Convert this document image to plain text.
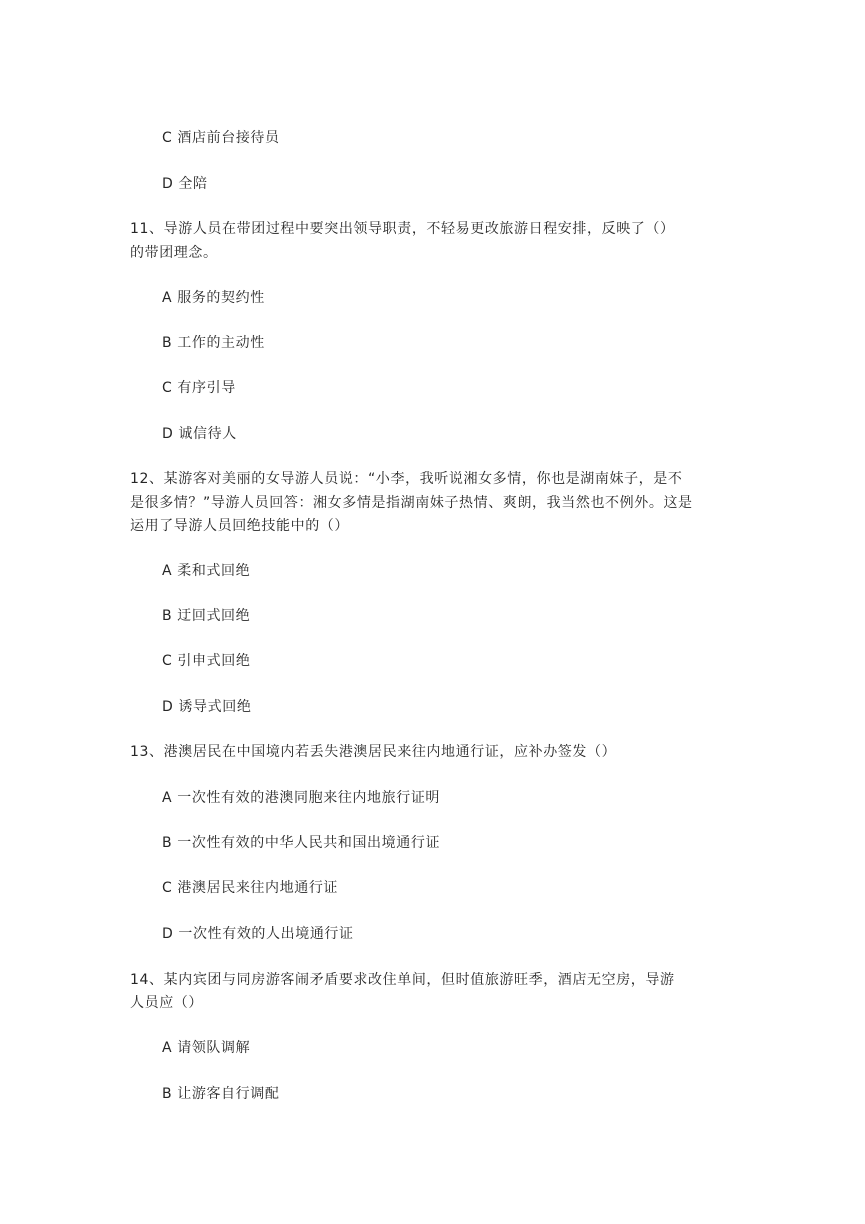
C 酒店前台接待员
D 全陪
11、导游人员在带团过程中要突出领导职责，不轻易更改旅游日程安排，反映了（）
的带团理念。
A 服务的契约性
B 工作的主动性
C 有序引导
D 诚信待人
12、某游客对美丽的女导游人员说：“小李，我听说湘女多情，你也是湖南妹子，是不
是很多情？”导游人员回答：湘女多情是指湖南妹子热情、爽朗，我当然也不例外。这是
运用了导游人员回绝技能中的（）
A 柔和式回绝
B 迂回式回绝
C 引申式回绝
D 诱导式回绝
13、港澳居民在中国境内若丢失港澳居民来往内地通行证，应补办签发（）
A 一次性有效的港澳同胞来往内地旅行证明
B 一次性有效的中华人民共和国出境通行证
C 港澳居民来往内地通行证
D 一次性有效的人出境通行证
14、某内宾团与同房游客闹矛盾要求改住单间，但时值旅游旺季，酒店无空房，导游
人员应（）
A 请领队调解
B 让游客自行调配
